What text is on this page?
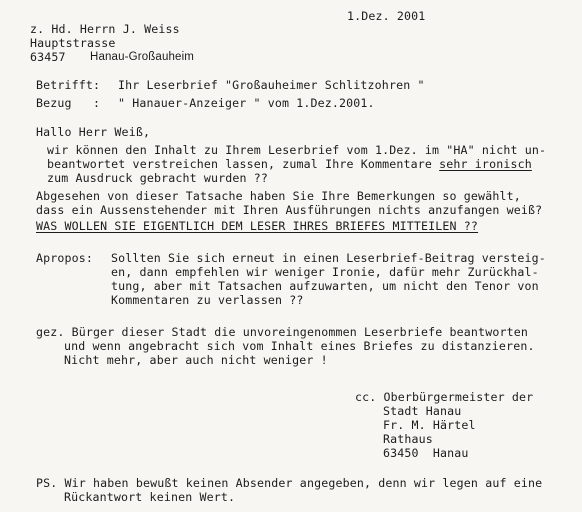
1.Dez. 2001
z. Hd. Herrn J. Weiss
Hauptstrasse
63457 Hanau-Großauheim
Betrifft: Ihr Leserbrief "Großauheimer Schlitzohren "
Bezug   : " Hanauer-Anzeiger " vom 1.Dez.2001.
Hallo Herr Weiß,
wir können den Inhalt zu Ihrem Leserbrief vom 1.Dez. im "HA" nicht un-
beantwortet verstreichen lassen, zumal Ihre Kommentare sehr ironisch
zum Ausdruck gebracht wurden ??
Abgesehen von dieser Tatsache haben Sie Ihre Bemerkungen so gewählt,
dass ein Aussenstehender mit Ihren Ausführungen nichts anzufangen weiß?
WAS WOLLEN SIE EIGENTLICH DEM LESER IHRES BRIEFES MITTEILEN ??
Apropos: Sollten Sie sich erneut in einen Leserbrief-Beitrag versteig-
en, dann empfehlen wir weniger Ironie, dafür mehr Zurückhal-
tung, aber mit Tatsachen aufzuwarten, um nicht den Tenor von
Kommentaren zu verlassen ??
gez. Bürger dieser Stadt die unvoreingenommen Leserbriefe beantworten
und wenn angebracht sich vom Inhalt eines Briefes zu distanzieren.
Nicht mehr, aber auch nicht weniger !
cc. Oberbürgermeister der
Stadt Hanau
Fr. M. Härtel
Rathaus
63450  Hanau
PS. Wir haben bewußt keinen Absender angegeben, denn wir legen auf eine
Rückantwort keinen Wert.
